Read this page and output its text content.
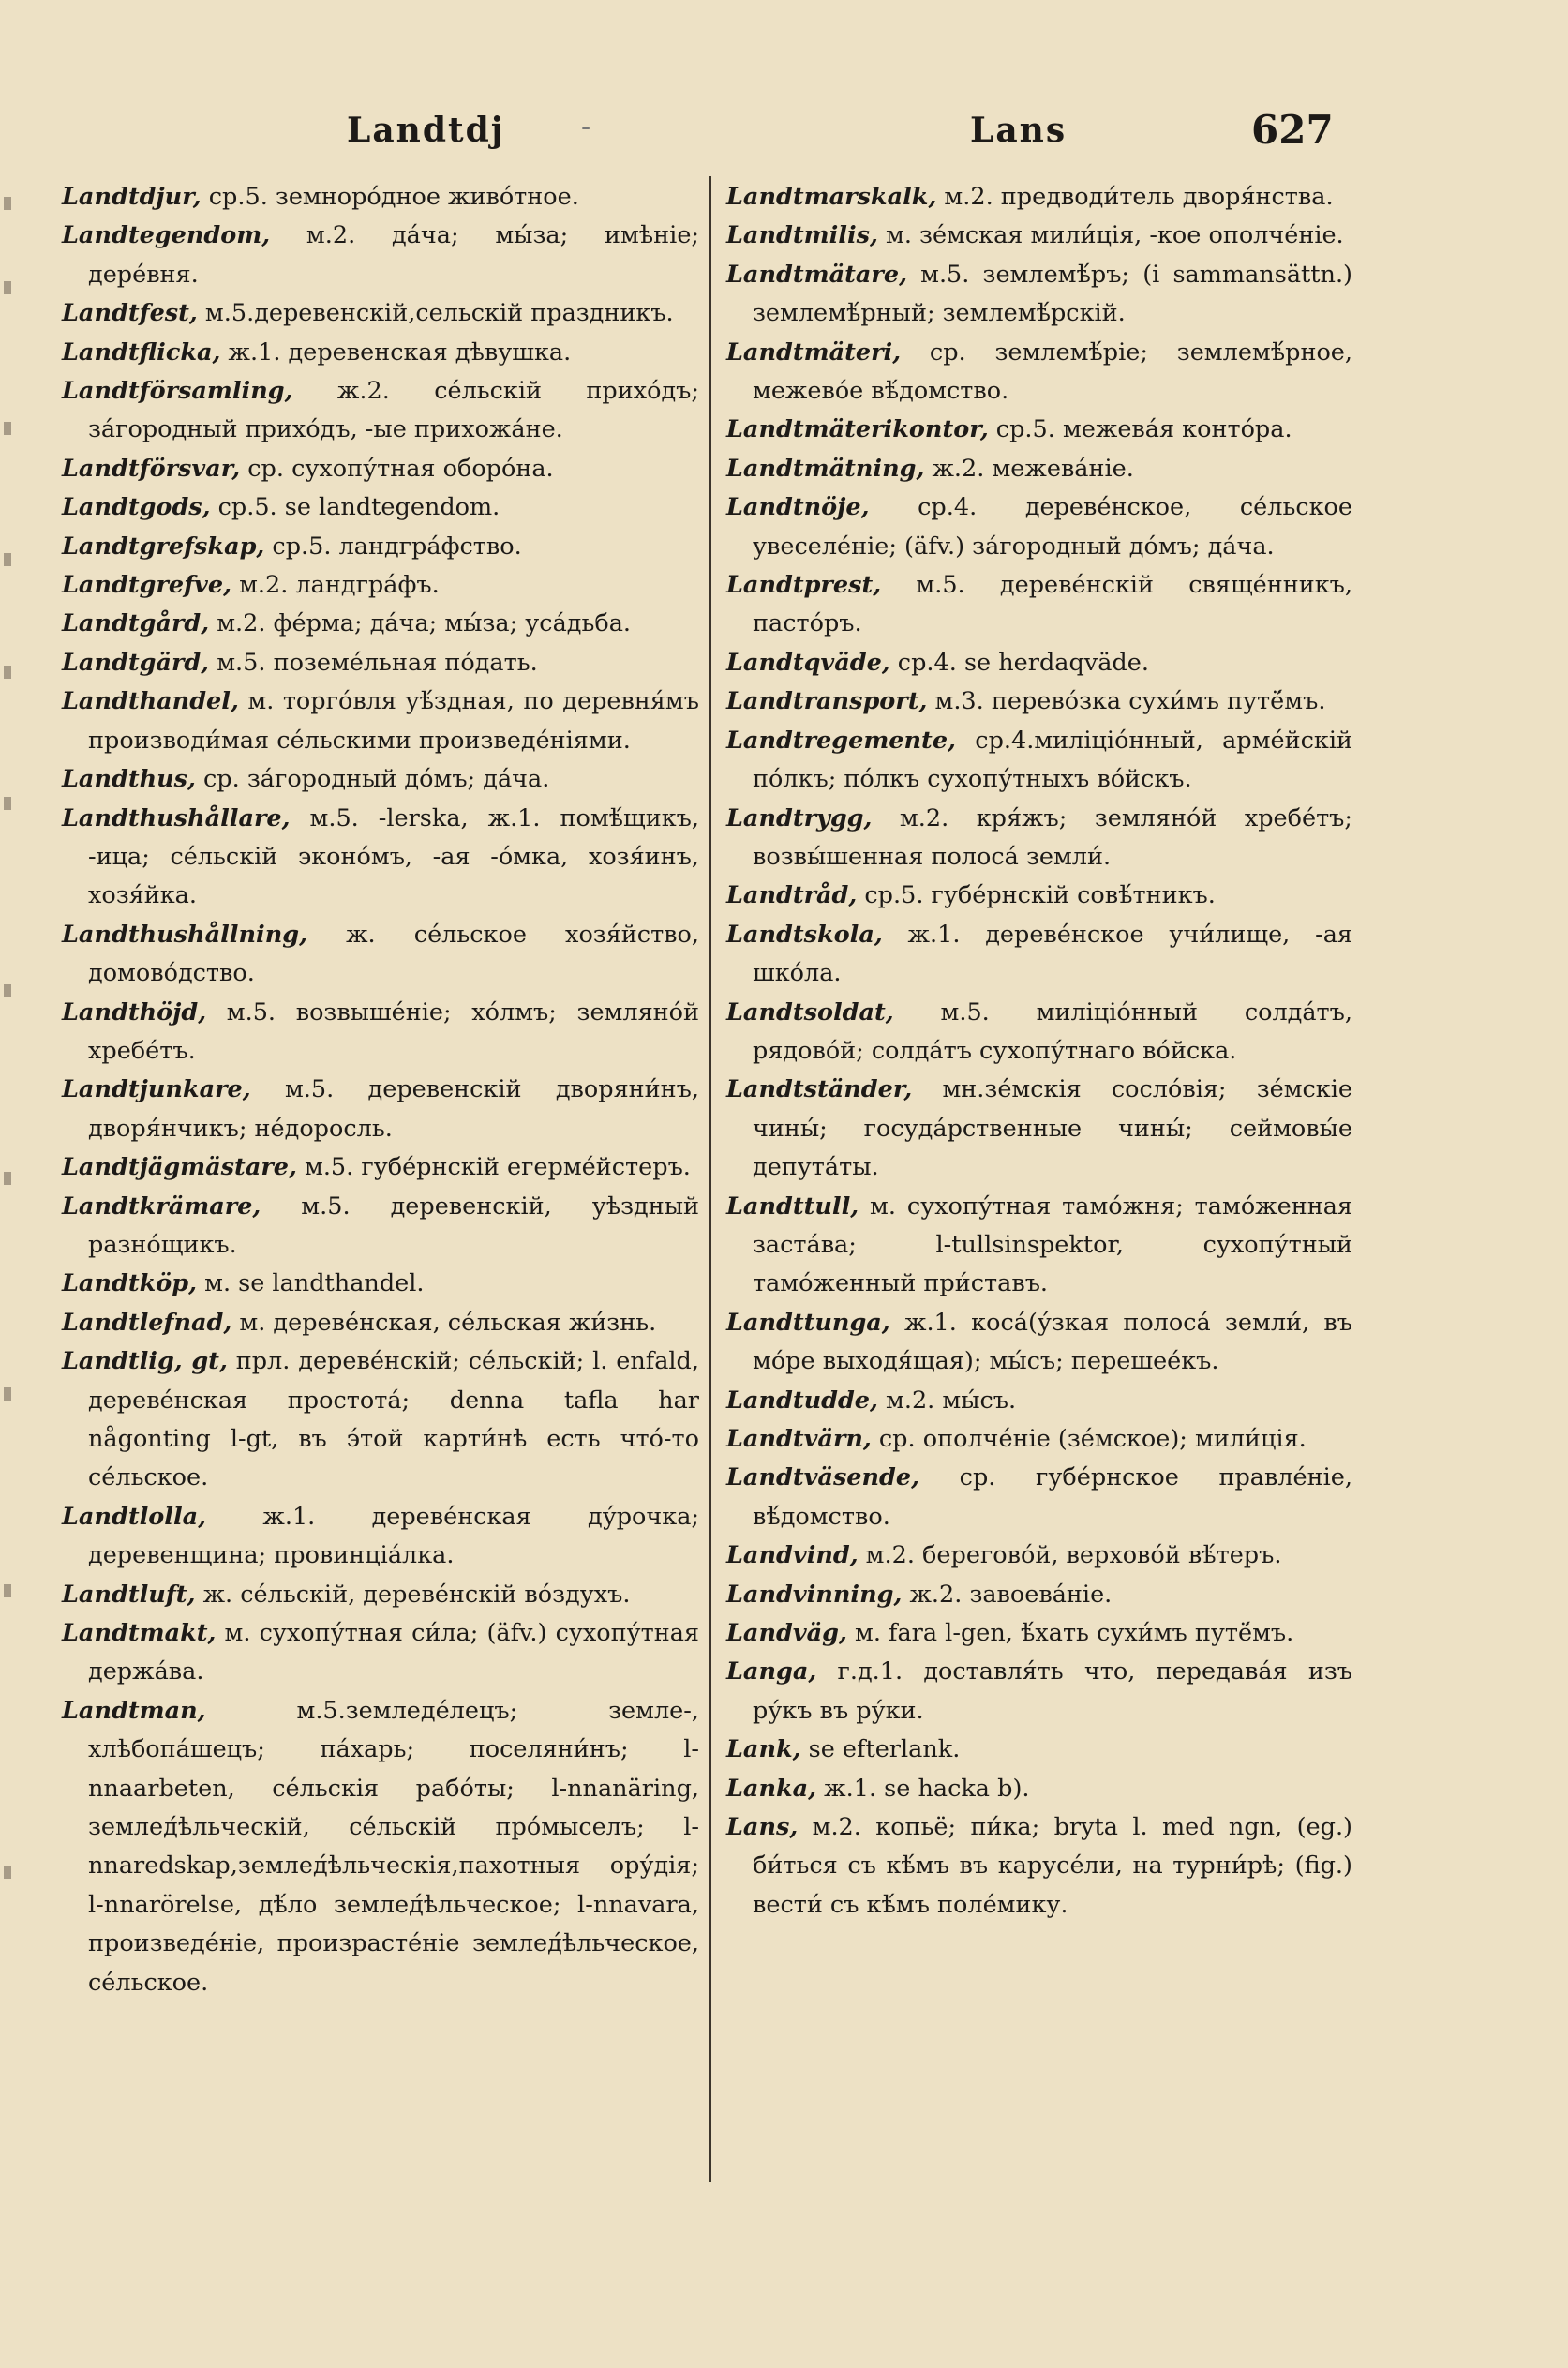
Landtdj	-	Lans	627

Landtdjur, ср.5. земноро́дное живо́тное.

Landtegendom, м.2. да́ча; мы́за; имѣніе; дере́вня.

Landtfest, м.5.деревенскій,сельскій праздникъ.

Landtflicka, ж.1. деревенская дѣвушка.

Landtförsamling, ж.2. се́льскій прихо́дъ; за́городный прихо́дъ, -ые прихожа́не.

Landtförsvar, ср. сухопу́тная оборо́на.

Landtgods, ср.5. se landtegendom.

Landtgrefskap, ср.5. ландгра́фство.

Landtgrefve, м.2. ландгра́фъ.

Landtgård, м.2. фе́рма; да́ча; мы́за; уса́дьба.

Landtgärd, м.5. поземе́льная по́дать.

Landthandel, м. торго́вля уѣ́здная, по деревня́мъ производи́мая се́льскими произведе́ніями.

Landthus, ср. за́городный до́мъ; да́ча.

Landthushållare, м.5. -lerska, ж.1. помѣ́щикъ, -ица; се́льскій эконо́мъ, -ая -о́мка, хозя́инъ, хозя́йка.

Landthushållning, ж. се́льское хозя́йство, домово́дство.

Landthöjd, м.5. возвыше́ніе; хо́лмъ; земляно́й хребе́тъ.

Landtjunkare, м.5. деревенскій дворяни́нъ, дворя́нчикъ; не́доросль.

Landtjägmästare, м.5. губе́рнскій егерме́йстеръ.

Landtkrämare, м.5. деревенскій, уѣздный разно́щикъ.

Landtköp, м. se landthandel.

Landtlefnad, м. дереве́нская, се́льская жи́знь.

Landtlig, gt, прл. дереве́нскій; се́льскій; l. enfald, дереве́нская простота́; denna tafla har någonting l-gt, въ э́той карти́нѣ есть что́-то се́льское.

Landtlolla, ж.1. дереве́нская ду́рочка; деревенщина; провинціа́лка.

Landtluft, ж. се́льскій, дереве́нскій во́здухъ.

Landtmakt, м. сухопу́тная си́ла; (äfv.) сухопу́тная держа́ва.

Landtman, м.5.земледе́лецъ; земле-, хлѣбопа́шецъ; па́харь; поселяни́нъ; l-nnaarbeten, се́льскія рабо́ты; l-nnanäring, землед́ѣльческій, се́льскій про́мыселъ; l-nnaredskap,землед́ѣльческія,пахотныя ору́дія; l-nnarörelse, дѣ́ло землед́ѣльческое; l-nnavara, произведе́ніе, произрасте́ніе землед́ѣльческое, се́льское.

Landtmarskalk, м.2. предводи́тель дворя́нства.

Landtmilis, м. зе́мская мили́ція, -кое ополче́ніе.

Landtmätare, м.5. землемѣ́ръ; (i sammansättn.) землемѣ́рный; землемѣ́рскій.

Landtmäteri, ср. землемѣ́ріе; землемѣ́рное, межево́е вѣ́домство.

Landtmäterikontor, ср.5. межева́я конто́ра.

Landtmätning, ж.2. межева́ніе.

Landtnöje, ср.4. дереве́нское, се́льское увеселе́ніе; (äfv.) за́городный до́мъ; да́ча.

Landtprest, м.5. дереве́нскій свяще́нникъ, пасто́ръ.

Landtqväde, ср.4. se herdaqväde.

Landtransport, м.3. перево́зка сухи́мъ путё́мъ.

Landtregemente, ср.4.миліціо́нный, арме́йскій по́лкъ; по́лкъ сухопу́тныхъ во́йскъ.

Landtrygg, м.2. кря́жъ; земляно́й хребе́тъ; возвы́шенная полоса́ земли́.

Landtråd, ср.5. губе́рнскій совѣ́тникъ.

Landtskola, ж.1. дереве́нское учи́лище, -ая шко́ла.

Landtsoldat, м.5. миліціо́нный солда́тъ, рядово́й; солда́тъ сухопу́тнаго во́йска.

Landtständer, мн.зе́мскія сосло́вія; зе́мскіе чины́; госуда́рственные чины́; сеймовы́е депута́ты.

Landttull, м. сухопу́тная тамо́жня; тамо́женная заста́ва; l-tullsinspektor, сухопу́тный тамо́женный при́ставъ.

Landttunga, ж.1. коса́(у́зкая полоса́ земли́, въ мо́ре выходя́щая); мы́съ; перешее́къ.

Landtudde, м.2. мы́съ.

Landtvärn, ср. ополче́ніе (зе́мское); мили́ція.

Landtväsende, ср. губе́рнское правле́ніе, вѣ́домство.

Landvind, м.2. берегово́й, верхово́й вѣ́теръ.

Landvinning, ж.2. завоева́ніе.

Landväg, м. fara l-gen, ѣ́хать сухи́мъ путё́мъ.

Langa, г.д.1. доставля́ть что, передава́я изъ ру́къ въ ру́ки.

Lank, se efterlank.

Lanka, ж.1. se hacka b).

Lans, м.2. копьё; пи́ка; bryta l. med ngn, (eg.) би́ться съ кѣ́мъ въ карусе́ли, на турни́рѣ; (fig.) вести́ съ кѣ́мъ поле́мику.
